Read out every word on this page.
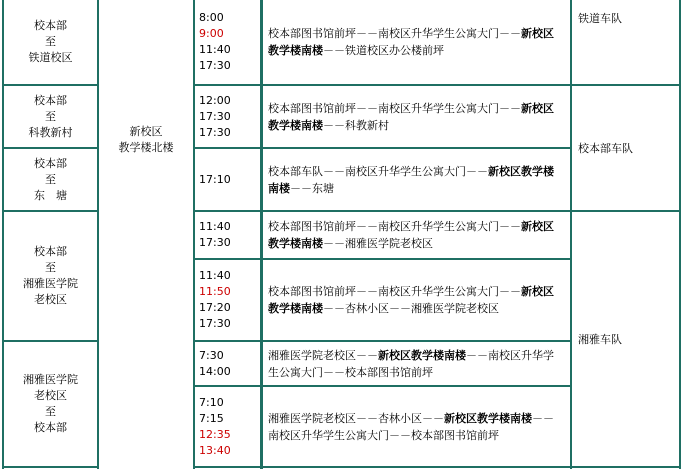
校本部
至
铁道校区
校本部
至
科教新村
校本部
至
东　塘
校本部
至
湘雅医学院
老校区
湘雅医学院
老校区
至
校本部
新校区
教学楼北楼
8:00
9:00
11:40
17:30
校本部图书馆前坪－－南校区升华学生公寓大门－－新校区教学楼南楼－－铁道校区办公楼前坪
12:00
17:30
17:30
校本部图书馆前坪－－南校区升华学生公寓大门－－新校区教学楼南楼－－科教新村
17:10
校本部车队－－南校区升华学生公寓大门－－新校区教学楼南楼－－东塘
11:40
17:30
校本部图书馆前坪－－南校区升华学生公寓大门－－新校区教学楼南楼－－湘雅医学院老校区
11:40
11:50
17:20
17:30
校本部图书馆前坪－－南校区升华学生公寓大门－－新校区教学楼南楼－－杏林小区－－湘雅医学院老校区
7:30
14:00
湘雅医学院老校区－－新校区教学楼南楼－－南校区升华学生公寓大门－－校本部图书馆前坪
7:10
7:15
12:35
13:40
湘雅医学院老校区－－杏林小区－－新校区教学楼南楼－－南校区升华学生公寓大门－－校本部图书馆前坪
铁道车队
校本部车队
湘雅车队
